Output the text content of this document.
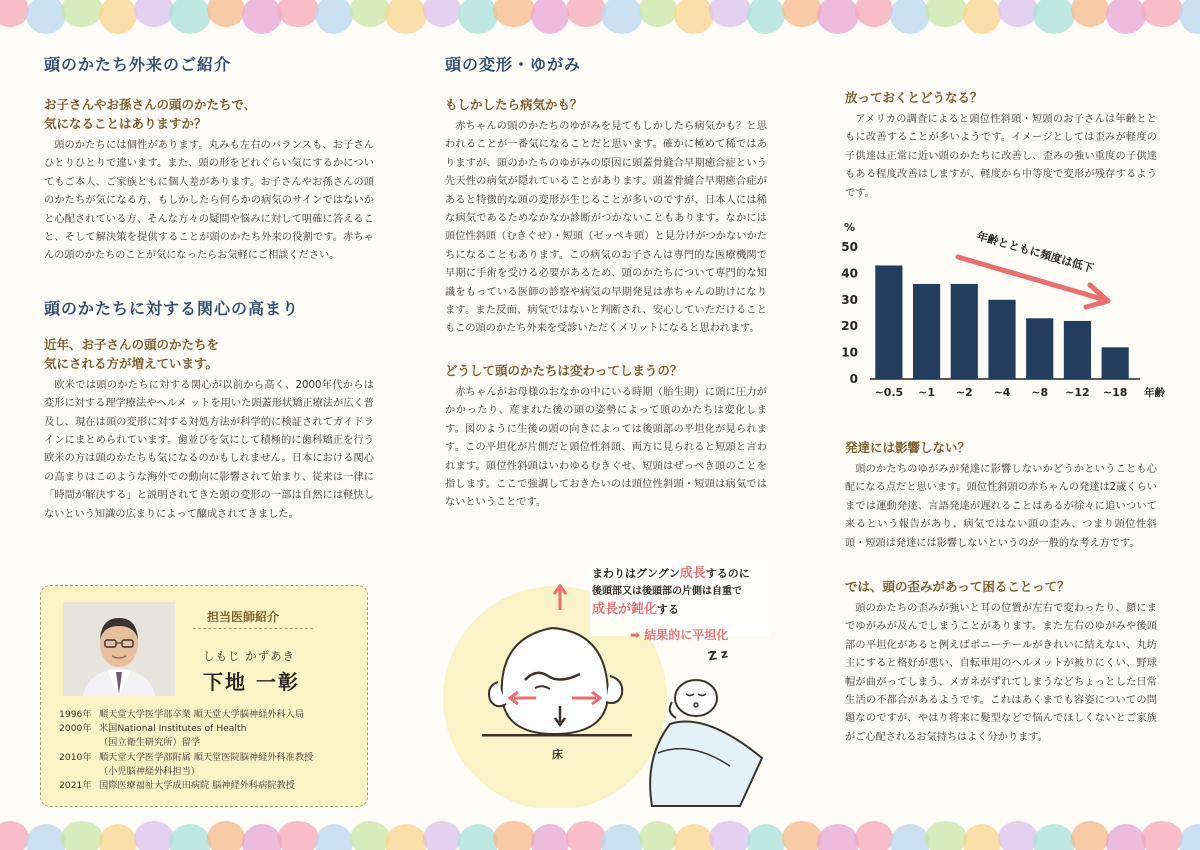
頭のかたち外来のご紹介
お子さんやお孫さんの頭のかたちで、
気になることはありますか？

頭のかたちには個性があります。丸みも左右のバランスも、お子さんひとりひとりで違います。また、頭の形をどれぐらい気にするかについてもご本人、ご家族ともに個人差があります。お子さんやお孫さんの頭のかたちが気になる方、もしかしたら何らかの病気のサインではないかと心配されている方、そんな方々の疑問や悩みに対して明確に答えること、そして解決策を提供することが頭のかたち外来の役割です。赤ちゃんの頭のかたちのことが気になったらお気軽にご相談ください。

頭のかたちに対する関心の高まり
近年、お子さんの頭のかたちを
気にされる方が増えています。

欧米では頭のかたちに対する関心が以前から高く、2000年代からは変形に対する理学療法やヘルメ ットを用いた頭蓋形状矯正療法が広く普及し、現在は頭の変形に対する対処方法が科学的に検証されてガイドラインにまとめられています。歯並びを気にして積極的に歯科矯正を行う欧米の方は頭のかたちも気になるのかもしれません。日本における関心の高まりはこのような海外での動向に影響されて始まり、従来は一律に「時間が解決する」と説明されてきた頭の変形の一部は自然には軽快しないという知識の広まりによって醸成されてきました。

担当医師紹介
しもじ かずあき
下地 一彰
1996年 順天堂大学医学部卒業 順天堂大学脳神経外科入局
2000年 米国National Institutes of Health
（国立衛生研究所）留学
2010年 順天堂大学医学部附属 順天堂医院脳神経外科准教授
（小児脳神経外科担当）
2021年 国際医療福祉大学成田病院 脳神経外科病院教授
頭の変形・ゆがみ
もしかしたら病気かも？

赤ちゃんの頭のかたちのゆがみを見てもしかしたら病気かも？と思われることが一番気になることだと思います。確かに極めて稀ではありますが、頭のかたちのゆがみの原因に頭蓋骨縫合早期癒合症という先天性の病気が隠れていることがあります。頭蓋骨縫合早期癒合症があると特徴的な頭の変形が生じることが多いのですが、日本人には稀な病気であるためなかなか診断がつかないこともあります。なかには頭位性斜頭（むきぐせ）・短頭（ゼッペキ頭）と見分けがつかないかたちになることもあります。この病気のお子さんは専門的な医療機関で早期に手術を受ける必要があるため、頭のかたちについて専門的な知識をもっている医師の診察や病気の早期発見は赤ちゃんの助けになります。また反面、病気ではないと判断され、安心していただけることもこの頭のかたち外来を受診いただくメリットになると思われます。

どうして頭のかたちは変わってしまうの？

赤ちゃんがお母様のおなかの中にいる時期（胎生期）に頭に圧力がかかったり、産まれた後の頭の姿勢によって頭のかたちは変化します。図のように生後の頭の向きによっては後頭部の平坦化が見られます。この平坦化が片側だと頭位性斜頭、両方に見られると短頭と言われます。頭位性斜頭はいわゆるむきぐせ、短頭はぜっぺき頭のことを指します。ここで強調しておきたいのは頭位性斜頭・短頭は病気ではないということです。

まわりはグングン成長するのに
後頭部又は後頭部の片側は自重で
成長が鈍化する
➡ 結果的に平坦化
床
Z z
放っておくとどうなる？

アメリカの調査によると頭位性斜頭・短頭のお子さんは年齢とともに改善することが多いようです。イメージとしては歪みが軽度の子供達は正常に近い頭のかたちに改善し、歪みの強い重度の子供達もある程度改善はしますが、軽度から中等度で変形が残存するようです。

0
10
20
30
40
50
%
~0.5 ~1 ~2 ~4 ~8 ~12 ~18 年齢
年齢とともに頻度は低下
発達には影響しない？

頭のかたちのゆがみが発達に影響しないかどうかということも心配になる点だと思います。頭位性斜頭の赤ちゃんの発達は2歳くらいまでは運動発達、言語発達が遅れることはあるが徐々に追いついて来るという報告があり、病気ではない頭の歪み、つまり頭位性斜頭・短頭は発達には影響しないというのが一般的な考え方です。

では、頭の歪みがあって困ることって？

頭のかたちの歪みが強いと耳の位置が左右で変わったり、顔にまでゆがみが及んでしまうことがあります。また左右のゆがみや後頭部の平坦化があると例えばポニーテールがきれいに結えない、丸坊主にすると格好が悪い、自転車用のヘルメットが被りにくい、野球帽が曲がってしまう、メガネがずれてしまうなどちょっとした日常生活の不都合があるようです。これはあくまでも容姿についての問題なのですが、やはり将来に髪型などで悩んでほしくないとご家族がご心配されるお気持ちはよく分かります。
